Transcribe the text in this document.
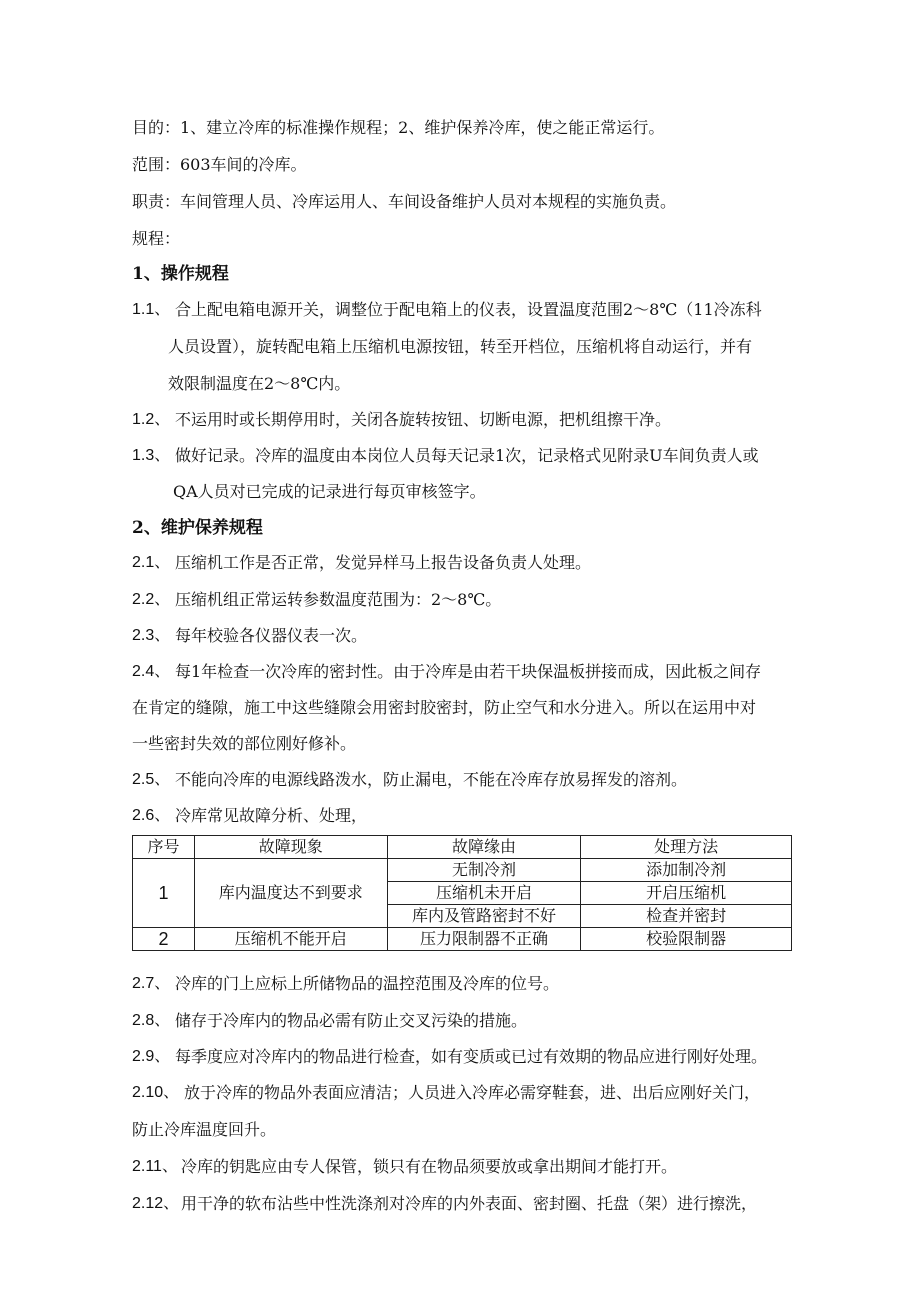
目的：1、建立冷库的标准操作规程；2、维护保养冷库，使之能正常运行。
范围：603车间的冷库。
职责：车间管理人员、冷库运用人、车间设备维护人员对本规程的实施负责。
规程：
1、操作规程
1.1、 合上配电箱电源开关，调整位于配电箱上的仪表，设置温度范围2～8℃（11冷冻科
人员设置），旋转配电箱上压缩机电源按钮，转至开档位，压缩机将自动运行，并有
效限制温度在2～8℃内。
1.2、 不运用时或长期停用时，关闭各旋转按钮、切断电源，把机组擦干净。
1.3、 做好记录。冷库的温度由本岗位人员每天记录1次，记录格式见附录U车间负责人或
QA人员对已完成的记录进行每页审核签字。
2、维护保养规程
2.1、 压缩机工作是否正常，发觉异样马上报告设备负责人处理。
2.2、 压缩机组正常运转参数温度范围为：2～8℃。
2.3、 每年校验各仪器仪表一次。
2.4、 每1年检查一次冷库的密封性。由于冷库是由若干块保温板拼接而成，因此板之间存
在肯定的缝隙，施工中这些缝隙会用密封胶密封，防止空气和水分进入。所以在运用中对
一些密封失效的部位刚好修补。
2.5、 不能向冷库的电源线路泼水，防止漏电，不能在冷库存放易挥发的溶剂。
2.6、 冷库常见故障分析、处理，
序号	故障现象	故障缘由	处理方法
1	库内温度达不到要求	无制冷剂	添加制冷剂
		压缩机未开启	开启压缩机
		库内及管路密封不好	检查并密封
2	压缩机不能开启	压力限制器不正确	校验限制器
2.7、 冷库的门上应标上所储物品的温控范围及冷库的位号。
2.8、 储存于冷库内的物品必需有防止交叉污染的措施。
2.9、 每季度应对冷库内的物品进行检查，如有变质或已过有效期的物品应进行刚好处理。
2.10、 放于冷库的物品外表面应清洁；人员进入冷库必需穿鞋套，进、出后应刚好关门，
防止冷库温度回升。
2.11、 冷库的钥匙应由专人保管，锁只有在物品须要放或拿出期间才能打开。
2.12、 用干净的软布沾些中性洗涤剂对冷库的内外表面、密封圈、托盘（架）进行擦洗，
